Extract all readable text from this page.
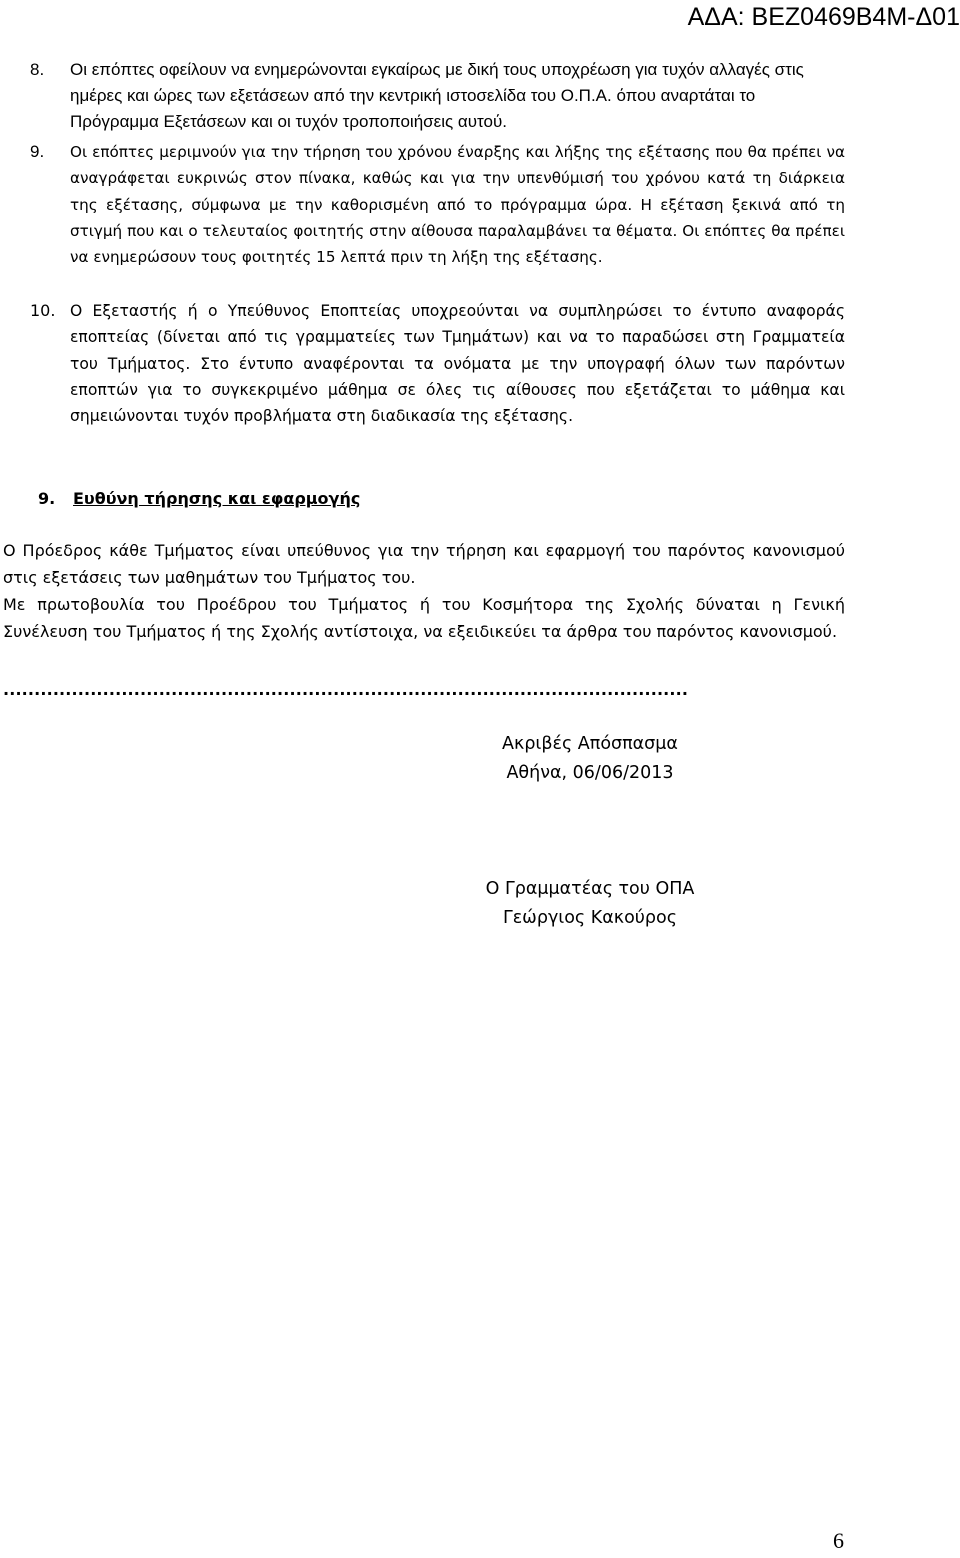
ΑΔΑ: ΒΕΖ0469Β4Μ-Δ01
8. Οι επόπτες οφείλουν να ενημερώνονται εγκαίρως με δική τους υποχρέωση για τυχόν αλλαγές στις ημέρες και ώρες των εξετάσεων από την κεντρική ιστοσελίδα του Ο.Π.Α. όπου αναρτάται το Πρόγραμμα Εξετάσεων και οι τυχόν τροποποιήσεις αυτού.
9. Οι επόπτες μεριμνούν για την τήρηση του χρόνου έναρξης και λήξης της εξέτασης που θα πρέπει να αναγράφεται ευκρινώς στον πίνακα, καθώς και για την υπενθύμισή του χρόνου κατά τη διάρκεια της εξέτασης, σύμφωνα με την καθορισμένη από το πρόγραμμα ώρα. Η εξέταση ξεκινά από τη στιγμή που και ο τελευταίος φοιτητής στην αίθουσα παραλαμβάνει τα θέματα. Οι επόπτες θα πρέπει να ενημερώσουν τους φοιτητές 15 λεπτά πριν τη λήξη της εξέτασης.
10. Ο Εξεταστής ή ο Υπεύθυνος Εποπτείας υποχρεούνται να συμπληρώσει το έντυπο αναφοράς εποπτείας (δίνεται από τις γραμματείες των Τμημάτων) και να το παραδώσει στη Γραμματεία του Τμήματος. Στο έντυπο αναφέρονται τα ονόματα με την υπογραφή όλων των παρόντων εποπτών για το συγκεκριμένο μάθημα σε όλες τις αίθουσες που εξετάζεται το μάθημα και σημειώνονται τυχόν προβλήματα στη διαδικασία της εξέτασης.
9. Ευθύνη τήρησης και εφαρμογής
Ο Πρόεδρος κάθε Τμήματος είναι υπεύθυνος για την τήρηση και εφαρμογή του παρόντος κανονισμού στις εξετάσεις των μαθημάτων του Τμήματος του.
Με πρωτοβουλία του Προέδρου του Τμήματος ή του Κοσμήτορα της Σχολής δύναται η Γενική Συνέλευση του Τμήματος ή της Σχολής αντίστοιχα, να εξειδικεύει τα άρθρα του παρόντος κανονισμού.
..............................................................................................................
Ακριβές Απόσπασμα
Αθήνα, 06/06/2013
Ο Γραμματέας του ΟΠΑ
Γεώργιος Κακούρος
6
